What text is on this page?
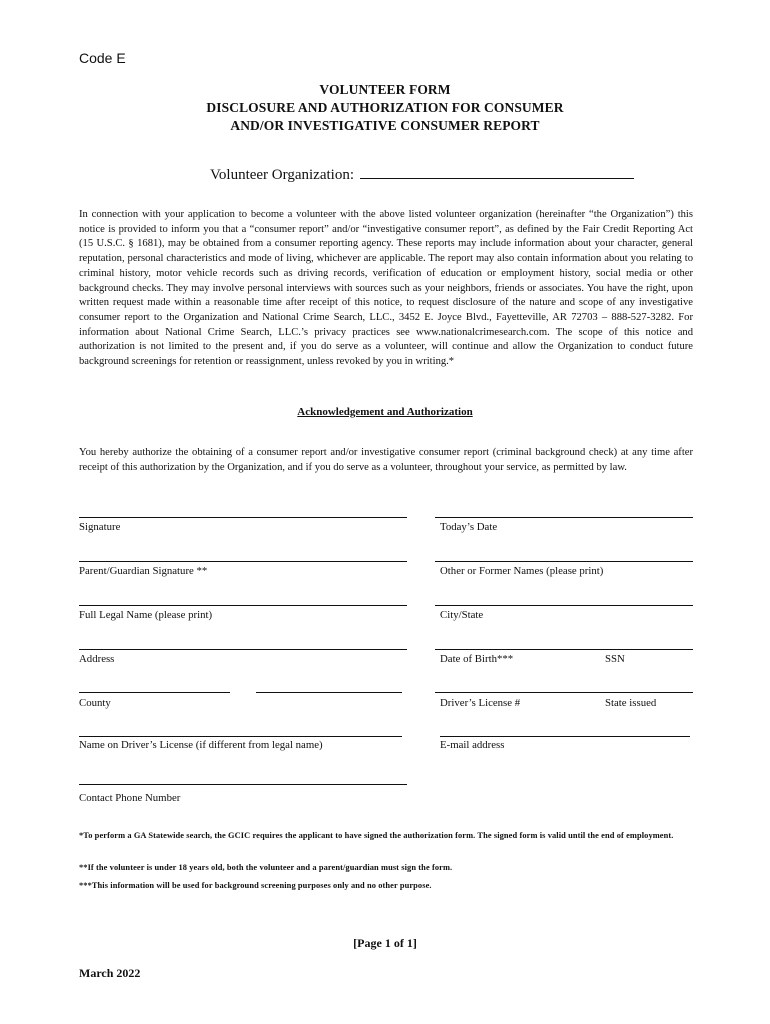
Code E
VOLUNTEER FORM
DISCLOSURE AND AUTHORIZATION FOR CONSUMER
AND/OR INVESTIGATIVE CONSUMER REPORT
Volunteer Organization:
In connection with your application to become a volunteer with the above listed volunteer organization (hereinafter “the Organization”) this notice is provided to inform you that a “consumer report” and/or “investigative consumer report”, as defined by the Fair Credit Reporting Act (15 U.S.C. § 1681), may be obtained from a consumer reporting agency. These reports may include information about your character, general reputation, personal characteristics and mode of living, whichever are applicable. The report may also contain information about you relating to criminal history, motor vehicle records such as driving records, verification of education or employment history, social media or other background checks. They may involve personal interviews with sources such as your neighbors, friends or associates. You have the right, upon written request made within a reasonable time after receipt of this notice, to request disclosure of the nature and scope of any investigative consumer report to the Organization and National Crime Search, LLC., 3452 E. Joyce Blvd., Fayetteville, AR 72703 – 888-527-3282. For information about National Crime Search, LLC.’s privacy practices see www.nationalcrimesearch.com. The scope of this notice and authorization is not limited to the present and, if you do serve as a volunteer, will continue and allow the Organization to conduct future background screenings for retention or reassignment, unless revoked by you in writing.*
Acknowledgement and Authorization
You hereby authorize the obtaining of a consumer report and/or investigative consumer report (criminal background check) at any time after receipt of this authorization by the Organization, and if you do serve as a volunteer, throughout your service, as permitted by law.
Signature	Today’s Date
Parent/Guardian Signature **	Other or Former Names (please print)
Full Legal Name (please print)	City/State
Address	Date of Birth***	SSN
County	Driver’s License #	State issued
Name on Driver’s License (if different from legal name)	E-mail address
Contact Phone Number
*To perform a GA Statewide search, the GCIC requires the applicant to have signed the authorization form. The signed form is valid until the end of employment.
**If the volunteer is under 18 years old, both the volunteer and a parent/guardian must sign the form.
***This information will be used for background screening purposes only and no other purpose.
[Page 1 of 1]
March 2022
